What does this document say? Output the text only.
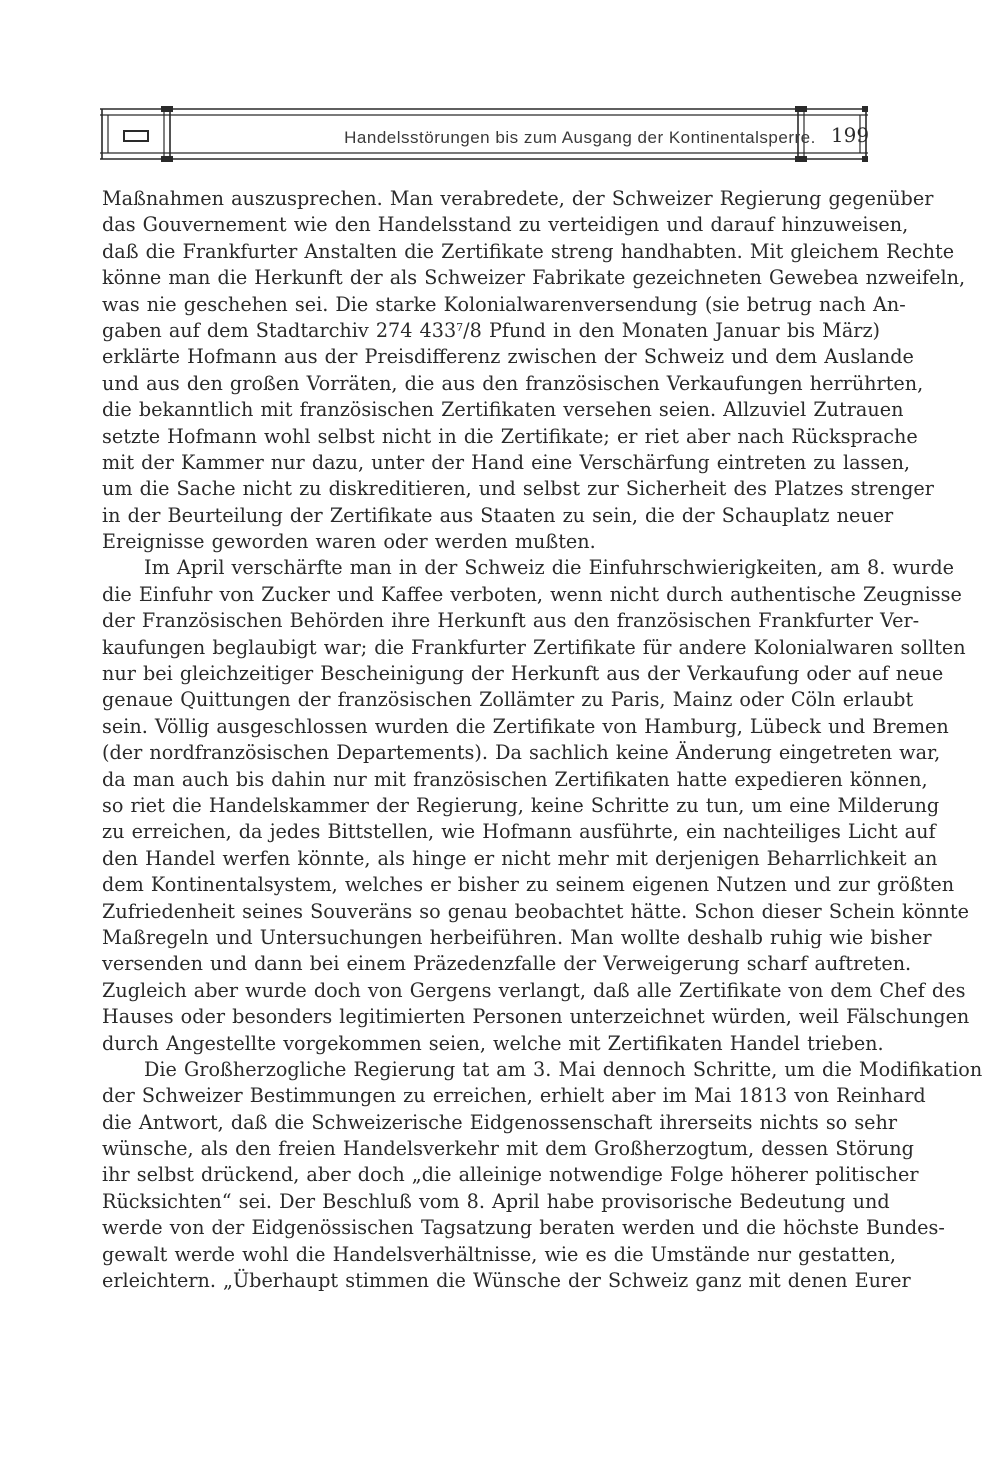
Handelsstörungen bis zum Ausgang der Kontinentalsperre. 199
Maßnahmen auszusprechen. Man verabredete, der Schweizer Regierung gegenüber
das Gouvernement wie den Handelsstand zu verteidigen und darauf hinzuweisen,
daß die Frankfurter Anstalten die Zertifikate streng handhabten. Mit gleichem Rechte
könne man die Herkunft der als Schweizer Fabrikate gezeichneten Gewebea nzweifeln,
was nie geschehen sei. Die starke Kolonialwarenversendung (sie betrug nach An-
gaben auf dem Stadtarchiv 274 $433^7/8$ Pfund in den Monaten Januar bis März)
erklärte Hofmann aus der Preisdifferenz zwischen der Schweiz und dem Auslande
und aus den großen Vorräten, die aus den französischen Verkaufungen herrührten,
die bekanntlich mit französischen Zertifikaten versehen seien. Allzuviel Zutrauen
setzte Hofmann wohl selbst nicht in die Zertifikate; er riet aber nach Rücksprache
mit der Kammer nur dazu, unter der Hand eine Verschärfung eintreten zu lassen,
um die Sache nicht zu diskreditieren, und selbst zur Sicherheit des Platzes strenger
in der Beurteilung der Zertifikate aus Staaten zu sein, die der Schauplatz neuer
Ereignisse geworden waren oder werden mußten.
Im April verschärfte man in der Schweiz die Einfuhrschwierigkeiten, am 8. wurde
die Einfuhr von Zucker und Kaffee verboten, wenn nicht durch authentische Zeugnisse
der Französischen Behörden ihre Herkunft aus den französischen Frankfurter Ver-
kaufungen beglaubigt war; die Frankfurter Zertifikate für andere Kolonialwaren sollten
nur bei gleichzeitiger Bescheinigung der Herkunft aus der Verkaufung oder auf neue
genaue Quittungen der französischen Zollämter zu Paris, Mainz oder Cöln erlaubt
sein. Völlig ausgeschlossen wurden die Zertifikate von Hamburg, Lübeck und Bremen
(der nordfranzösischen Departements). Da sachlich keine Änderung eingetreten war,
da man auch bis dahin nur mit französischen Zertifikaten hatte expedieren können,
so riet die Handelskammer der Regierung, keine Schritte zu tun, um eine Milderung
zu erreichen, da jedes Bittstellen, wie Hofmann ausführte, ein nachteiliges Licht auf
den Handel werfen könnte, als hinge er nicht mehr mit derjenigen Beharrlichkeit an
dem Kontinentalsystem, welches er bisher zu seinem eigenen Nutzen und zur größten
Zufriedenheit seines Souveräns so genau beobachtet hätte. Schon dieser Schein könnte
Maßregeln und Untersuchungen herbeiführen. Man wollte deshalb ruhig wie bisher
versenden und dann bei einem Präzedenzfalle der Verweigerung scharf auftreten.
Zugleich aber wurde doch von Gergens verlangt, daß alle Zertifikate von dem Chef des
Hauses oder besonders legitimierten Personen unterzeichnet würden, weil Fälschungen
durch Angestellte vorgekommen seien, welche mit Zertifikaten Handel trieben.
Die Großherzogliche Regierung tat am 3. Mai dennoch Schritte, um die Modifikation
der Schweizer Bestimmungen zu erreichen, erhielt aber im Mai 1813 von Reinhard
die Antwort, daß die Schweizerische Eidgenossenschaft ihrerseits nichts so sehr
wünsche, als den freien Handelsverkehr mit dem Großherzogtum, dessen Störung
ihr selbst drückend, aber doch „die alleinige notwendige Folge höherer politischer
Rücksichten“ sei. Der Beschluß vom 8. April habe provisorische Bedeutung und
werde von der Eidgenössischen Tagsatzung beraten werden und die höchste Bundes-
gewalt werde wohl die Handelsverhältnisse, wie es die Umstände nur gestatten,
erleichtern. „Überhaupt stimmen die Wünsche der Schweiz ganz mit denen Eurer
